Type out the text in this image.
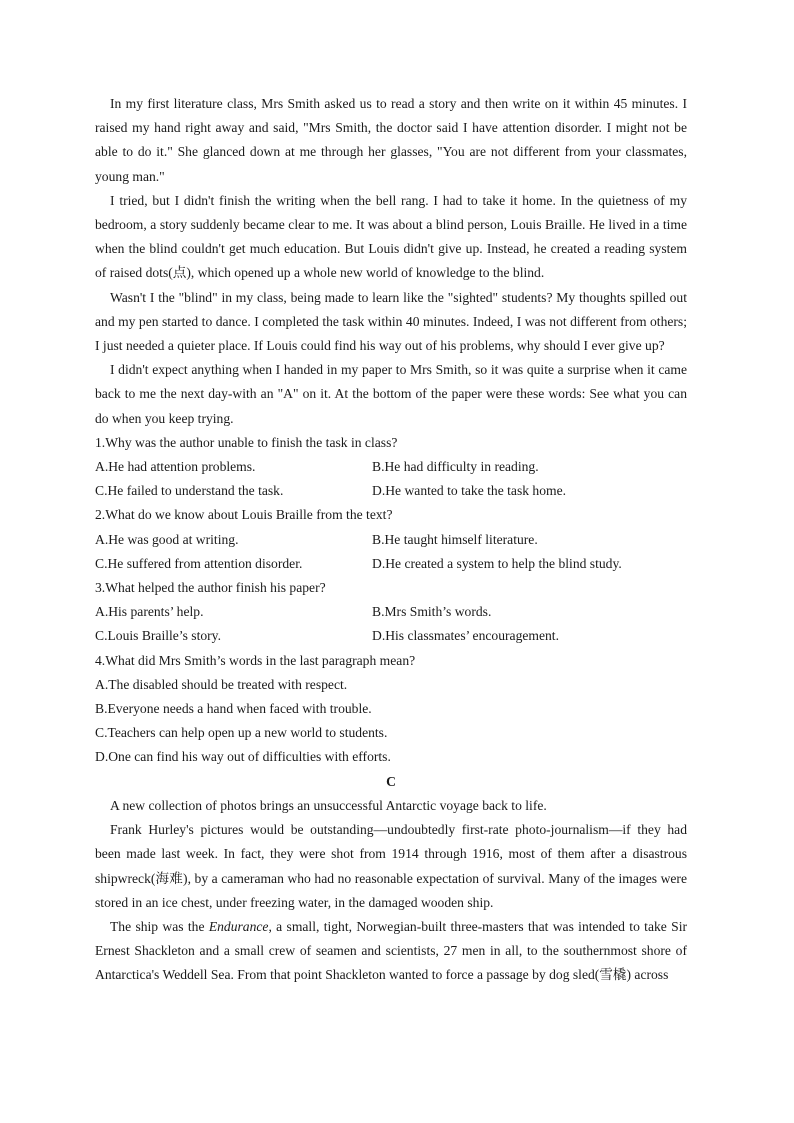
In my first literature class, Mrs Smith asked us to read a story and then write on it within 45 minutes. I raised my hand right away and said, "Mrs Smith, the doctor said I have attention disorder. I might not be able to do it." She glanced down at me through her glasses, "You are not different from your classmates, young man."

I tried, but I didn't finish the writing when the bell rang. I had to take it home. In the quietness of my bedroom, a story suddenly became clear to me. It was about a blind person, Louis Braille. He lived in a time when the blind couldn't get much education. But Louis didn't give up. Instead, he created a reading system of raised dots(点), which opened up a whole new world of knowledge to the blind.

Wasn't I the "blind" in my class, being made to learn like the "sighted" students? My thoughts spilled out and my pen started to dance. I completed the task within 40 minutes. Indeed, I was not different from others; I just needed a quieter place. If Louis could find his way out of his problems, why should I ever give up?

I didn't expect anything when I handed in my paper to Mrs Smith, so it was quite a surprise when it came back to me the next day-with an "A" on it. At the bottom of the paper were these words: See what you can do when you keep trying.

1.Why was the author unable to finish the task in class?

A.He had attention problems.	B.He had difficulty in reading.
C.He failed to understand the task.	D.He wanted to take the task home.

2.What do we know about Louis Braille from the text?

A.He was good at writing.	B.He taught himself literature.
C.He suffered from attention disorder.	D.He created a system to help the blind study.

3.What helped the author finish his paper?

A.His parents’ help.	B.Mrs Smith’s words.
C.Louis Braille’s story.	D.His classmates’ encouragement.

4.What did Mrs Smith’s words in the last paragraph mean?

A.The disabled should be treated with respect.

B.Everyone needs a hand when faced with trouble.

C.Teachers can help open up a new world to students.

D.One can find his way out of difficulties with efforts.

C

A new collection of photos brings an unsuccessful Antarctic voyage back to life.

Frank Hurley's pictures would be outstanding—undoubtedly first-rate photo-journalism—if they had been made last week. In fact, they were shot from 1914 through 1916, most of them after a disastrous shipwreck(海难), by a cameraman who had no reasonable expectation of survival. Many of the images were stored in an ice chest, under freezing water, in the damaged wooden ship.

The ship was the Endurance, a small, tight, Norwegian-built three-masters that was intended to take Sir Ernest Shackleton and a small crew of seamen and scientists, 27 men in all, to the southernmost shore of Antarctica's Weddell Sea. From that point Shackleton wanted to force a passage by dog sled(雪橇) across
